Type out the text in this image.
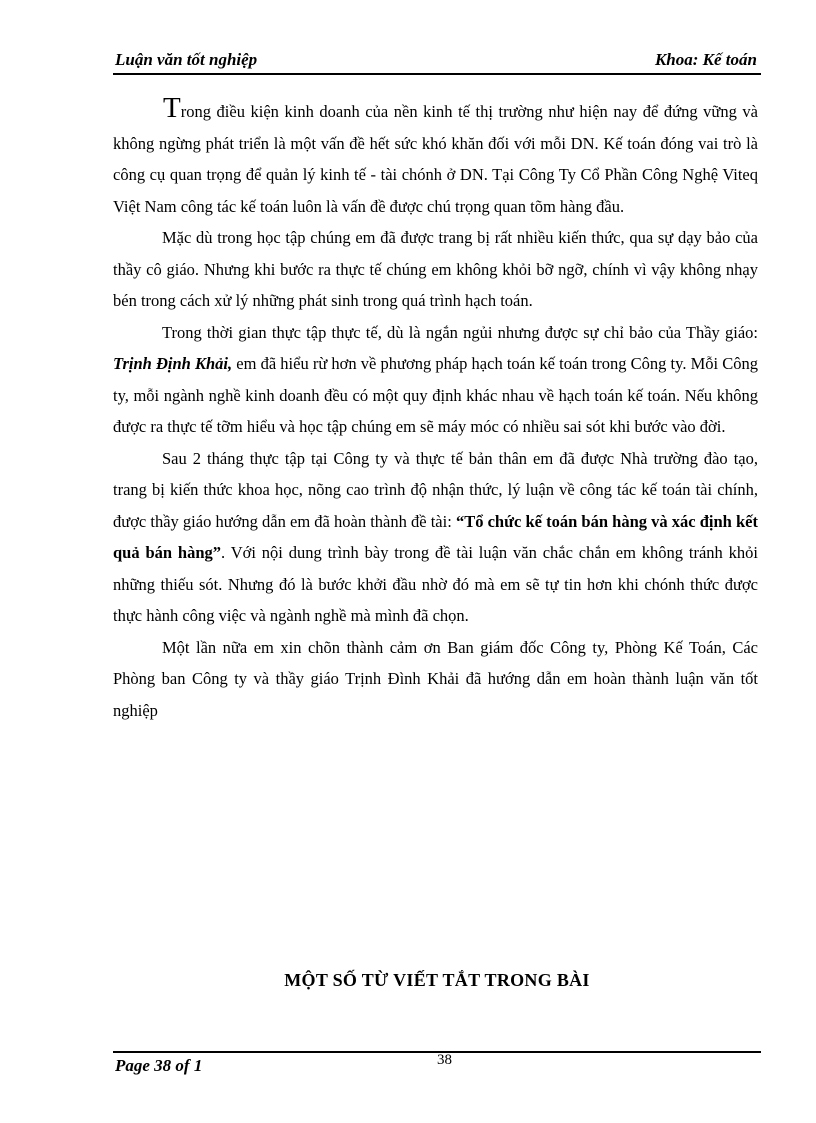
Luận văn tốt nghiệp	Khoa: Kế toán

Trong điều kiện kinh doanh của nền kinh tế thị trường như hiện nay để đứng vững và không ngừng phát triển là một vấn đề hết sức khó khăn đối với mỗi DN. Kế toán đóng vai trò là công cụ quan trọng để quản lý kinh tế - tài chónh ở DN. Tại Công Ty Cổ Phần Công Nghệ Viteq Việt Nam công tác kế toán luôn là vấn đề được chú trọng quan tõm hàng đầu.

Mặc dù trong học tập chúng em đã được trang bị rất nhiều kiến thức, qua sự dạy bảo của thầy cô giáo. Nhưng khi bước ra thực tế chúng em không khỏi bỡ ngỡ, chính vì vậy không nhạy bén trong cách xử lý những phát sinh trong quá trình hạch toán.

Trong thời gian thực tập thực tế, dù là ngắn ngủi nhưng được sự chỉ bảo của Thầy giáo: Trịnh Định Khải, em đã hiểu rừ hơn về phương pháp hạch toán kế toán trong Công ty. Mỗi Công ty, mỗi ngành nghề kinh doanh đều có một quy định khác nhau về hạch toán kế toán. Nếu không được ra thực tế tỡm hiểu và học tập chúng em sẽ máy móc có nhiều sai sót khi bước vào đời.

Sau 2 tháng thực tập tại Công ty và thực tế bản thân em đã được Nhà trường đào tạo, trang bị kiến thức khoa học, nõng cao trình độ nhận thức, lý luận về công tác kế toán tài chính, được thầy giáo hướng dẫn em đã hoàn thành đề tài: “Tổ chức kế toán bán hàng và xác định kết quả bán hàng”. Với nội dung trình bày trong đề tài luận văn chắc chắn em không tránh khỏi những thiếu sót. Nhưng đó là bước khởi đầu nhờ đó mà em sẽ tự tin hơn khi chónh thức được thực hành công việc và ngành nghề mà mình đã chọn.

Một lần nữa em xin chõn thành cảm ơn Ban giám đốc Công ty, Phòng Kế Toán, Các Phòng ban Công ty và thầy giáo Trịnh Đình Khải đã hướng dẫn em hoàn thành luận văn tốt nghiệp

MỘT SỐ TỪ VIẾT TẮT TRONG BÀI
Page 38 of 1	38
